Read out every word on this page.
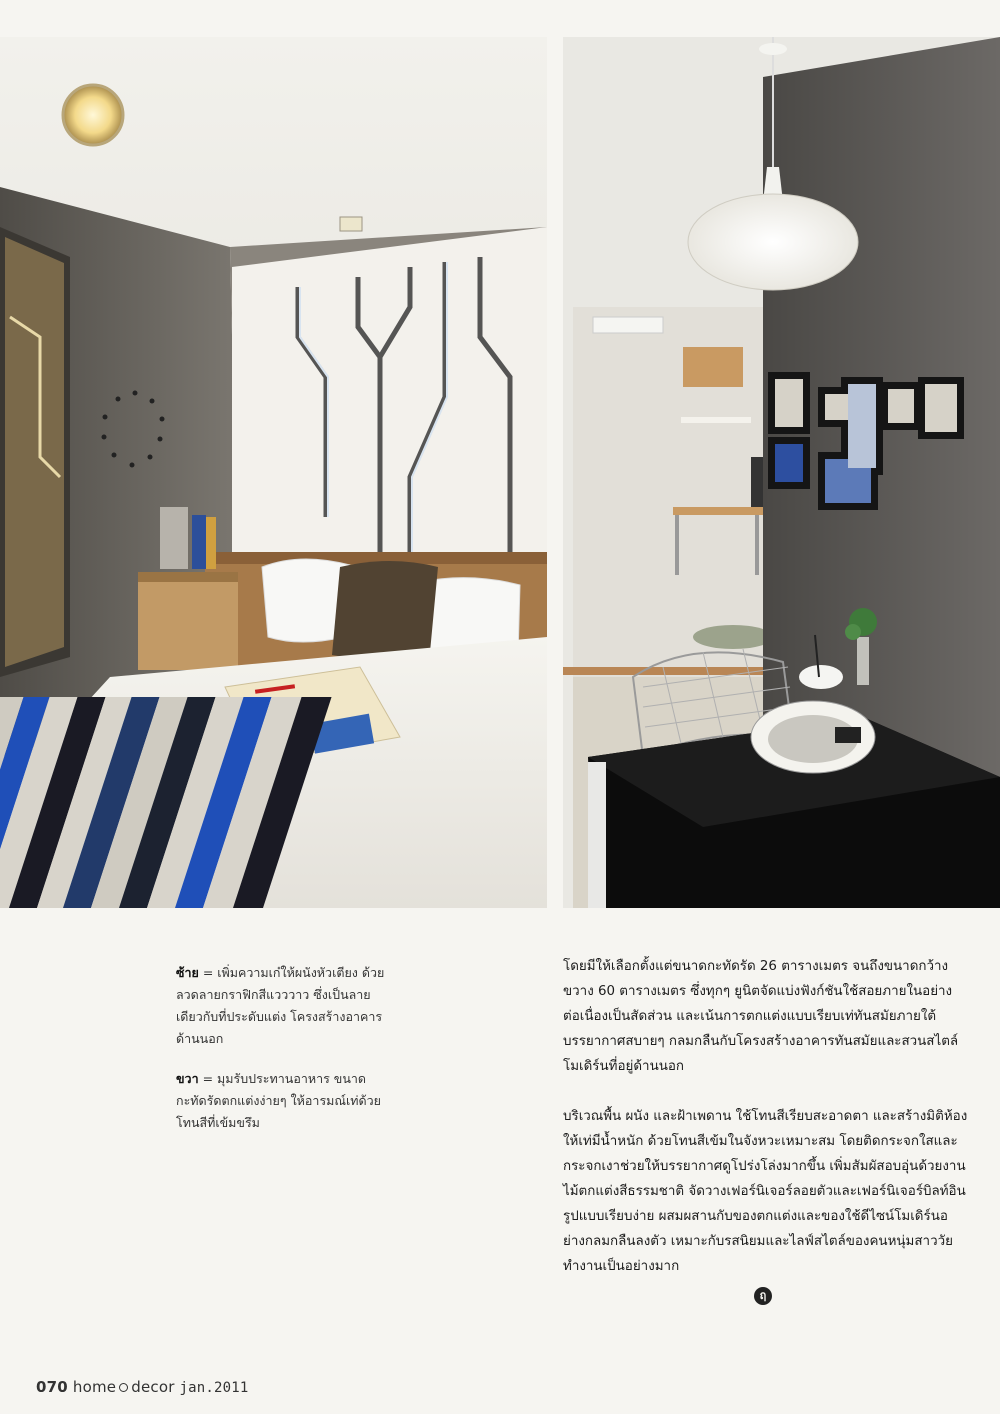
ซ้าย = เพิ่มความเก๋ให้ผนังหัวเตียง ด้วยลวดลายกราฟิกสีแวววาว ซึ่งเป็นลายเดียวกับที่ประดับแต่ง โครงสร้างอาคารด้านนอก

ขวา = มุมรับประทานอาหาร ขนาดกะทัดรัดตกแต่งง่ายๆ ให้อารมณ์เท่ด้วยโทนสีที่เข้มขรึม

โดยมีให้เลือกตั้งแต่ขนาดกะทัดรัด 26 ตารางเมตร จนถึงขนาดกว้างขวาง 60 ตารางเมตร ซึ่งทุกๆ ยูนิตจัดแบ่งฟังก์ชันใช้สอยภายในอย่างต่อเนื่องเป็นสัดส่วน และเน้นการตกแต่งแบบเรียบเท่ทันสมัยภายใต้บรรยากาศสบายๆ กลมกลืนกับโครงสร้างอาคารทันสมัยและสวนสไตล์โมเดิร์นที่อยู่ด้านนอก

บริเวณพื้น ผนัง และฝ้าเพดาน ใช้โทนสีเรียบสะอาดตา และสร้างมิติห้องให้เท่มีน้ำหนัก ด้วยโทนสีเข้มในจังหวะเหมาะสม โดยติดกระจกใสและกระจกเงาช่วยให้บรรยากาศดูโปร่งโล่งมากขึ้น เพิ่มสัมผัสอบอุ่นด้วยงานไม้ตกแต่งสีธรรมชาติ จัดวางเฟอร์นิเจอร์ลอยตัวและเฟอร์นิเจอร์บิลท์อินรูปแบบเรียบง่าย ผสมผสานกับของตกแต่งและของใช้ดีไซน์โมเดิร์นอย่างกลมกลืนลงตัว เหมาะกับรสนิยมและไลฟ์สไตล์ของคนหนุ่มสาววัยทำงานเป็นอย่างมาก

ฤ
070 home decor jan.2011
